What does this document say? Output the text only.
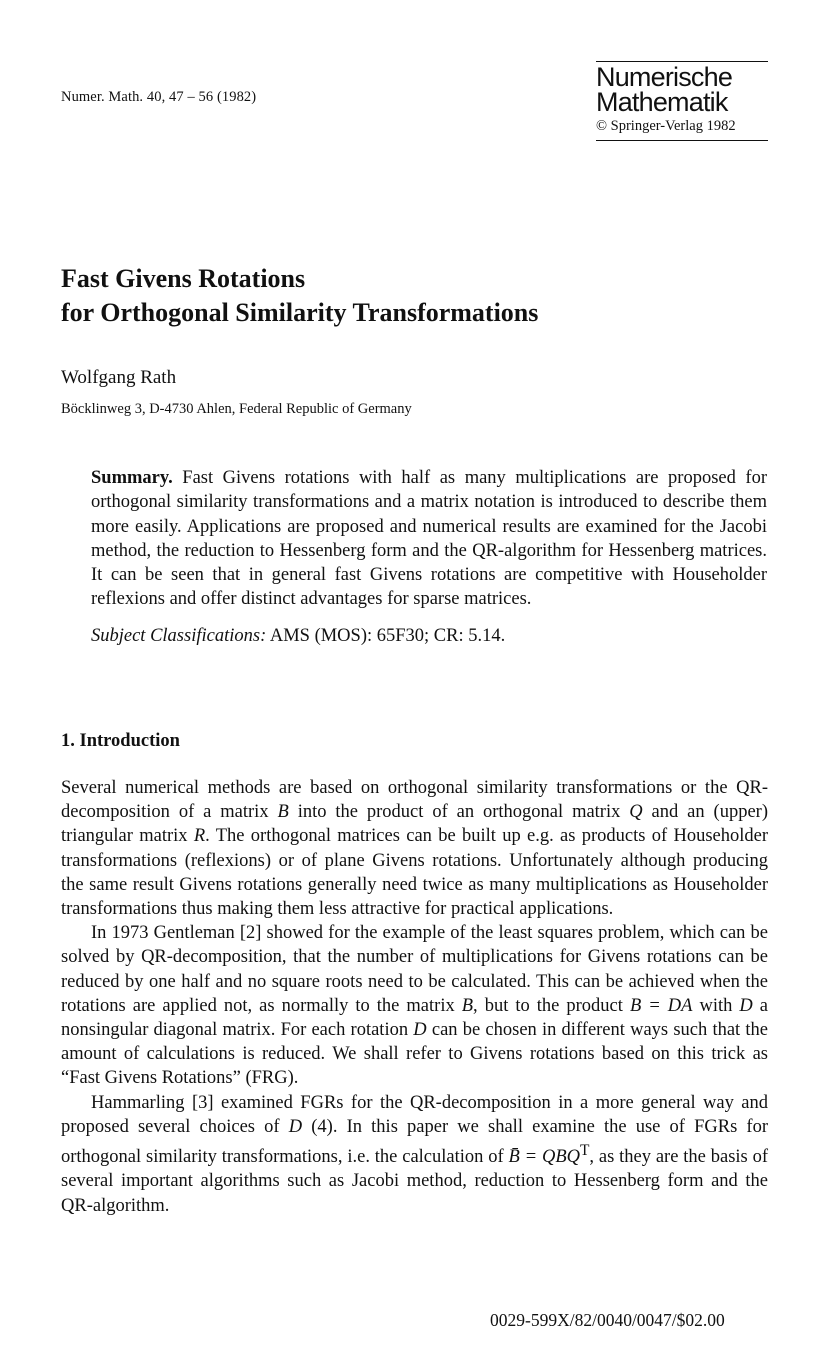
Numer. Math. 40, 47 – 56 (1982)
Numerische
Mathematik
© Springer-Verlag 1982
Fast Givens Rotations
for Orthogonal Similarity Transformations
Wolfgang Rath
Böcklinweg 3, D-4730 Ahlen, Federal Republic of Germany

Summary. Fast Givens rotations with half as many multiplications are proposed for orthogonal similarity transformations and a matrix notation is introduced to describe them more easily. Applications are proposed and numerical results are examined for the Jacobi method, the reduction to Hessenberg form and the QR-algorithm for Hessenberg matrices. It can be seen that in general fast Givens rotations are competitive with Householder reflexions and offer distinct advantages for sparse matrices.

Subject Classifications: AMS (MOS): 65F30; CR: 5.14.

1. Introduction

Several numerical methods are based on orthogonal similarity transformations or the QR-decomposition of a matrix B into the product of an orthogonal matrix Q and an (upper) triangular matrix R. The orthogonal matrices can be built up e.g. as products of Householder transformations (reflexions) or of plane Givens rotations. Unfortunately although producing the same result Givens rotations generally need twice as many multiplications as Householder transformations thus making them less attractive for practical applications.

In 1973 Gentleman [2] showed for the example of the least squares problem, which can be solved by QR-decomposition, that the number of multiplications for Givens rotations can be reduced by one half and no square roots need to be calculated. This can be achieved when the rotations are applied not, as normally to the matrix B, but to the product B = DA with D a nonsingular diagonal matrix. For each rotation D can be chosen in different ways such that the amount of calculations is reduced. We shall refer to Givens rotations based on this trick as “Fast Givens Rotations” (FRG).

Hammarling [3] examined FGRs for the QR-decomposition in a more general way and proposed several choices of D (4). In this paper we shall examine the use of FGRs for orthogonal similarity transformations, i.e. the calculation of B̄ = $QBQ^T$, as they are the basis of several important algorithms such as Jacobi method, reduction to Hessenberg form and the QR-algorithm.

0029-599X/82/0040/0047/$02.00
